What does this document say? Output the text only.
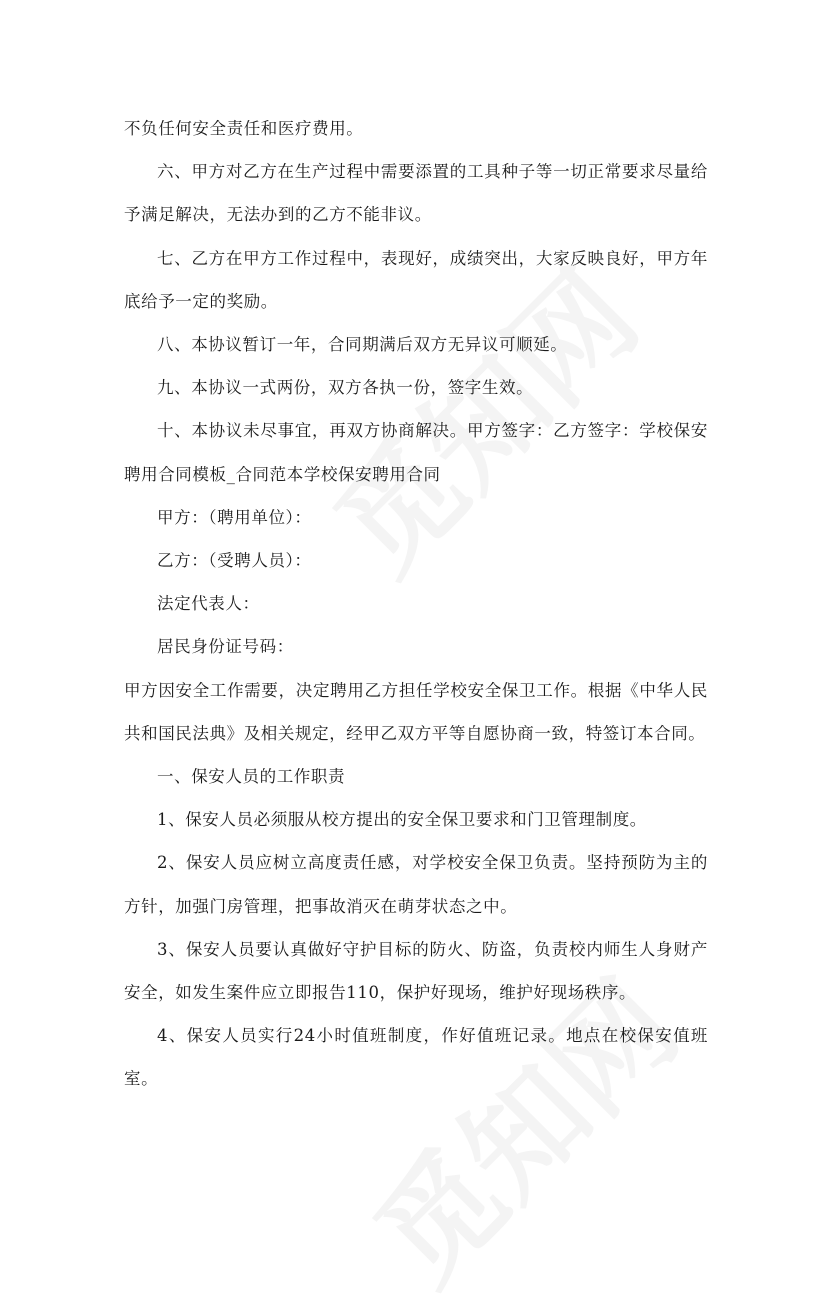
不负任何安全责任和医疗费用。

六、甲方对乙方在生产过程中需要添置的工具种子等一切正常要求尽量给予满足解决，无法办到的乙方不能非议。

七、乙方在甲方工作过程中，表现好，成绩突出，大家反映良好，甲方年底给予一定的奖励。

八、本协议暂订一年，合同期满后双方无异议可顺延。

九、本协议一式两份，双方各执一份，签字生效。

十、本协议未尽事宜，再双方协商解决。甲方签字：乙方签字：学校保安聘用合同模板_合同范本学校保安聘用合同

甲方：（聘用单位）：

乙方：（受聘人员）：

法定代表人：

居民身份证号码：

甲方因安全工作需要，决定聘用乙方担任学校安全保卫工作。根据《中华人民共和国民法典》及相关规定，经甲乙双方平等自愿协商一致，特签订本合同。

一、保安人员的工作职责

1、保安人员必须服从校方提出的安全保卫要求和门卫管理制度。

2、保安人员应树立高度责任感，对学校安全保卫负责。坚持预防为主的方针，加强门房管理，把事故消灭在萌芽状态之中。

3、保安人员要认真做好守护目标的防火、防盗，负责校内师生人身财产安全，如发生案件应立即报告110，保护好现场，维护好现场秩序。

4、保安人员实行24小时值班制度，作好值班记录。地点在校保安值班室。
